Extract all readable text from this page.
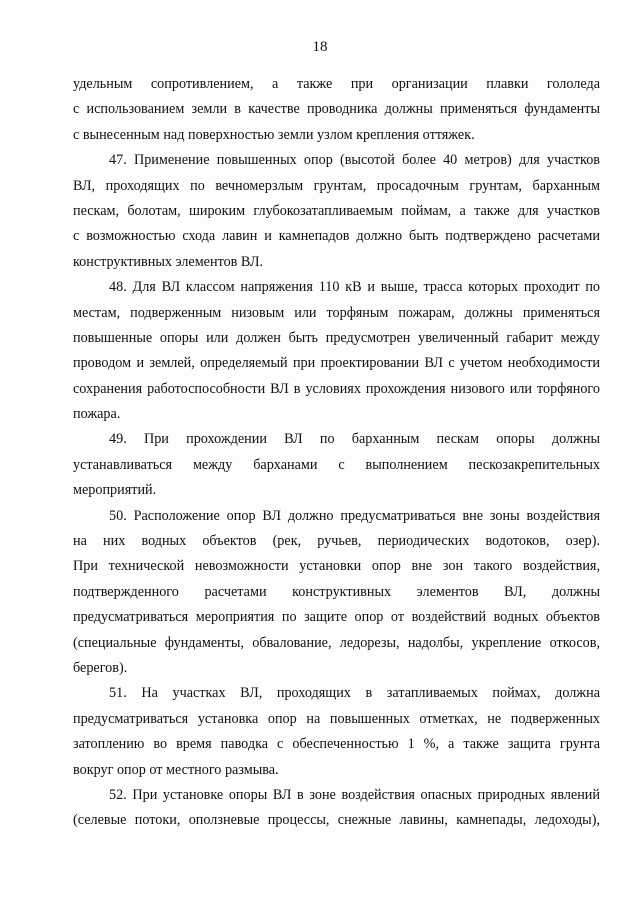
18
удельным сопротивлением, а также при организации плавки гололеда
с использованием земли в качестве проводника должны применяться фундаменты
с вынесенным над поверхностью земли узлом крепления оттяжек.
47. Применение повышенных опор (высотой более 40 метров) для участков
ВЛ, проходящих по вечномерзлым грунтам, просадочным грунтам, барханным
пескам, болотам, широким глубокозатапливаемым поймам, а также для участков
с возможностью схода лавин и камнепадов должно быть подтверждено расчетами
конструктивных элементов ВЛ.
48. Для ВЛ классом напряжения 110 кВ и выше, трасса которых проходит по
местам, подверженным низовым или торфяным пожарам, должны применяться
повышенные опоры или должен быть предусмотрен увеличенный габарит между
проводом и землей, определяемый при проектировании ВЛ с учетом необходимости
сохранения работоспособности ВЛ в условиях прохождения низового или торфяного
пожара.
49. При прохождении ВЛ по барханным пескам опоры должны
устанавливаться между барханами с выполнением пескозакрепительных
мероприятий.
50. Расположение опор ВЛ должно предусматриваться вне зоны воздействия
на них водных объектов (рек, ручьев, периодических водотоков, озер).
При технической невозможности установки опор вне зон такого воздействия,
подтвержденного расчетами конструктивных элементов ВЛ, должны
предусматриваться мероприятия по защите опор от воздействий водных объектов
(специальные фундаменты, обвалование, ледорезы, надолбы, укрепление откосов,
берегов).
51. На участках ВЛ, проходящих в затапливаемых поймах, должна
предусматриваться установка опор на повышенных отметках, не подверженных
затоплению во время паводка с обеспеченностью 1 %, а также защита грунта
вокруг опор от местного размыва.
52. При установке опоры ВЛ в зоне воздействия опасных природных явлений
(селевые потоки, оползневые процессы, снежные лавины, камнепады, ледоходы),
